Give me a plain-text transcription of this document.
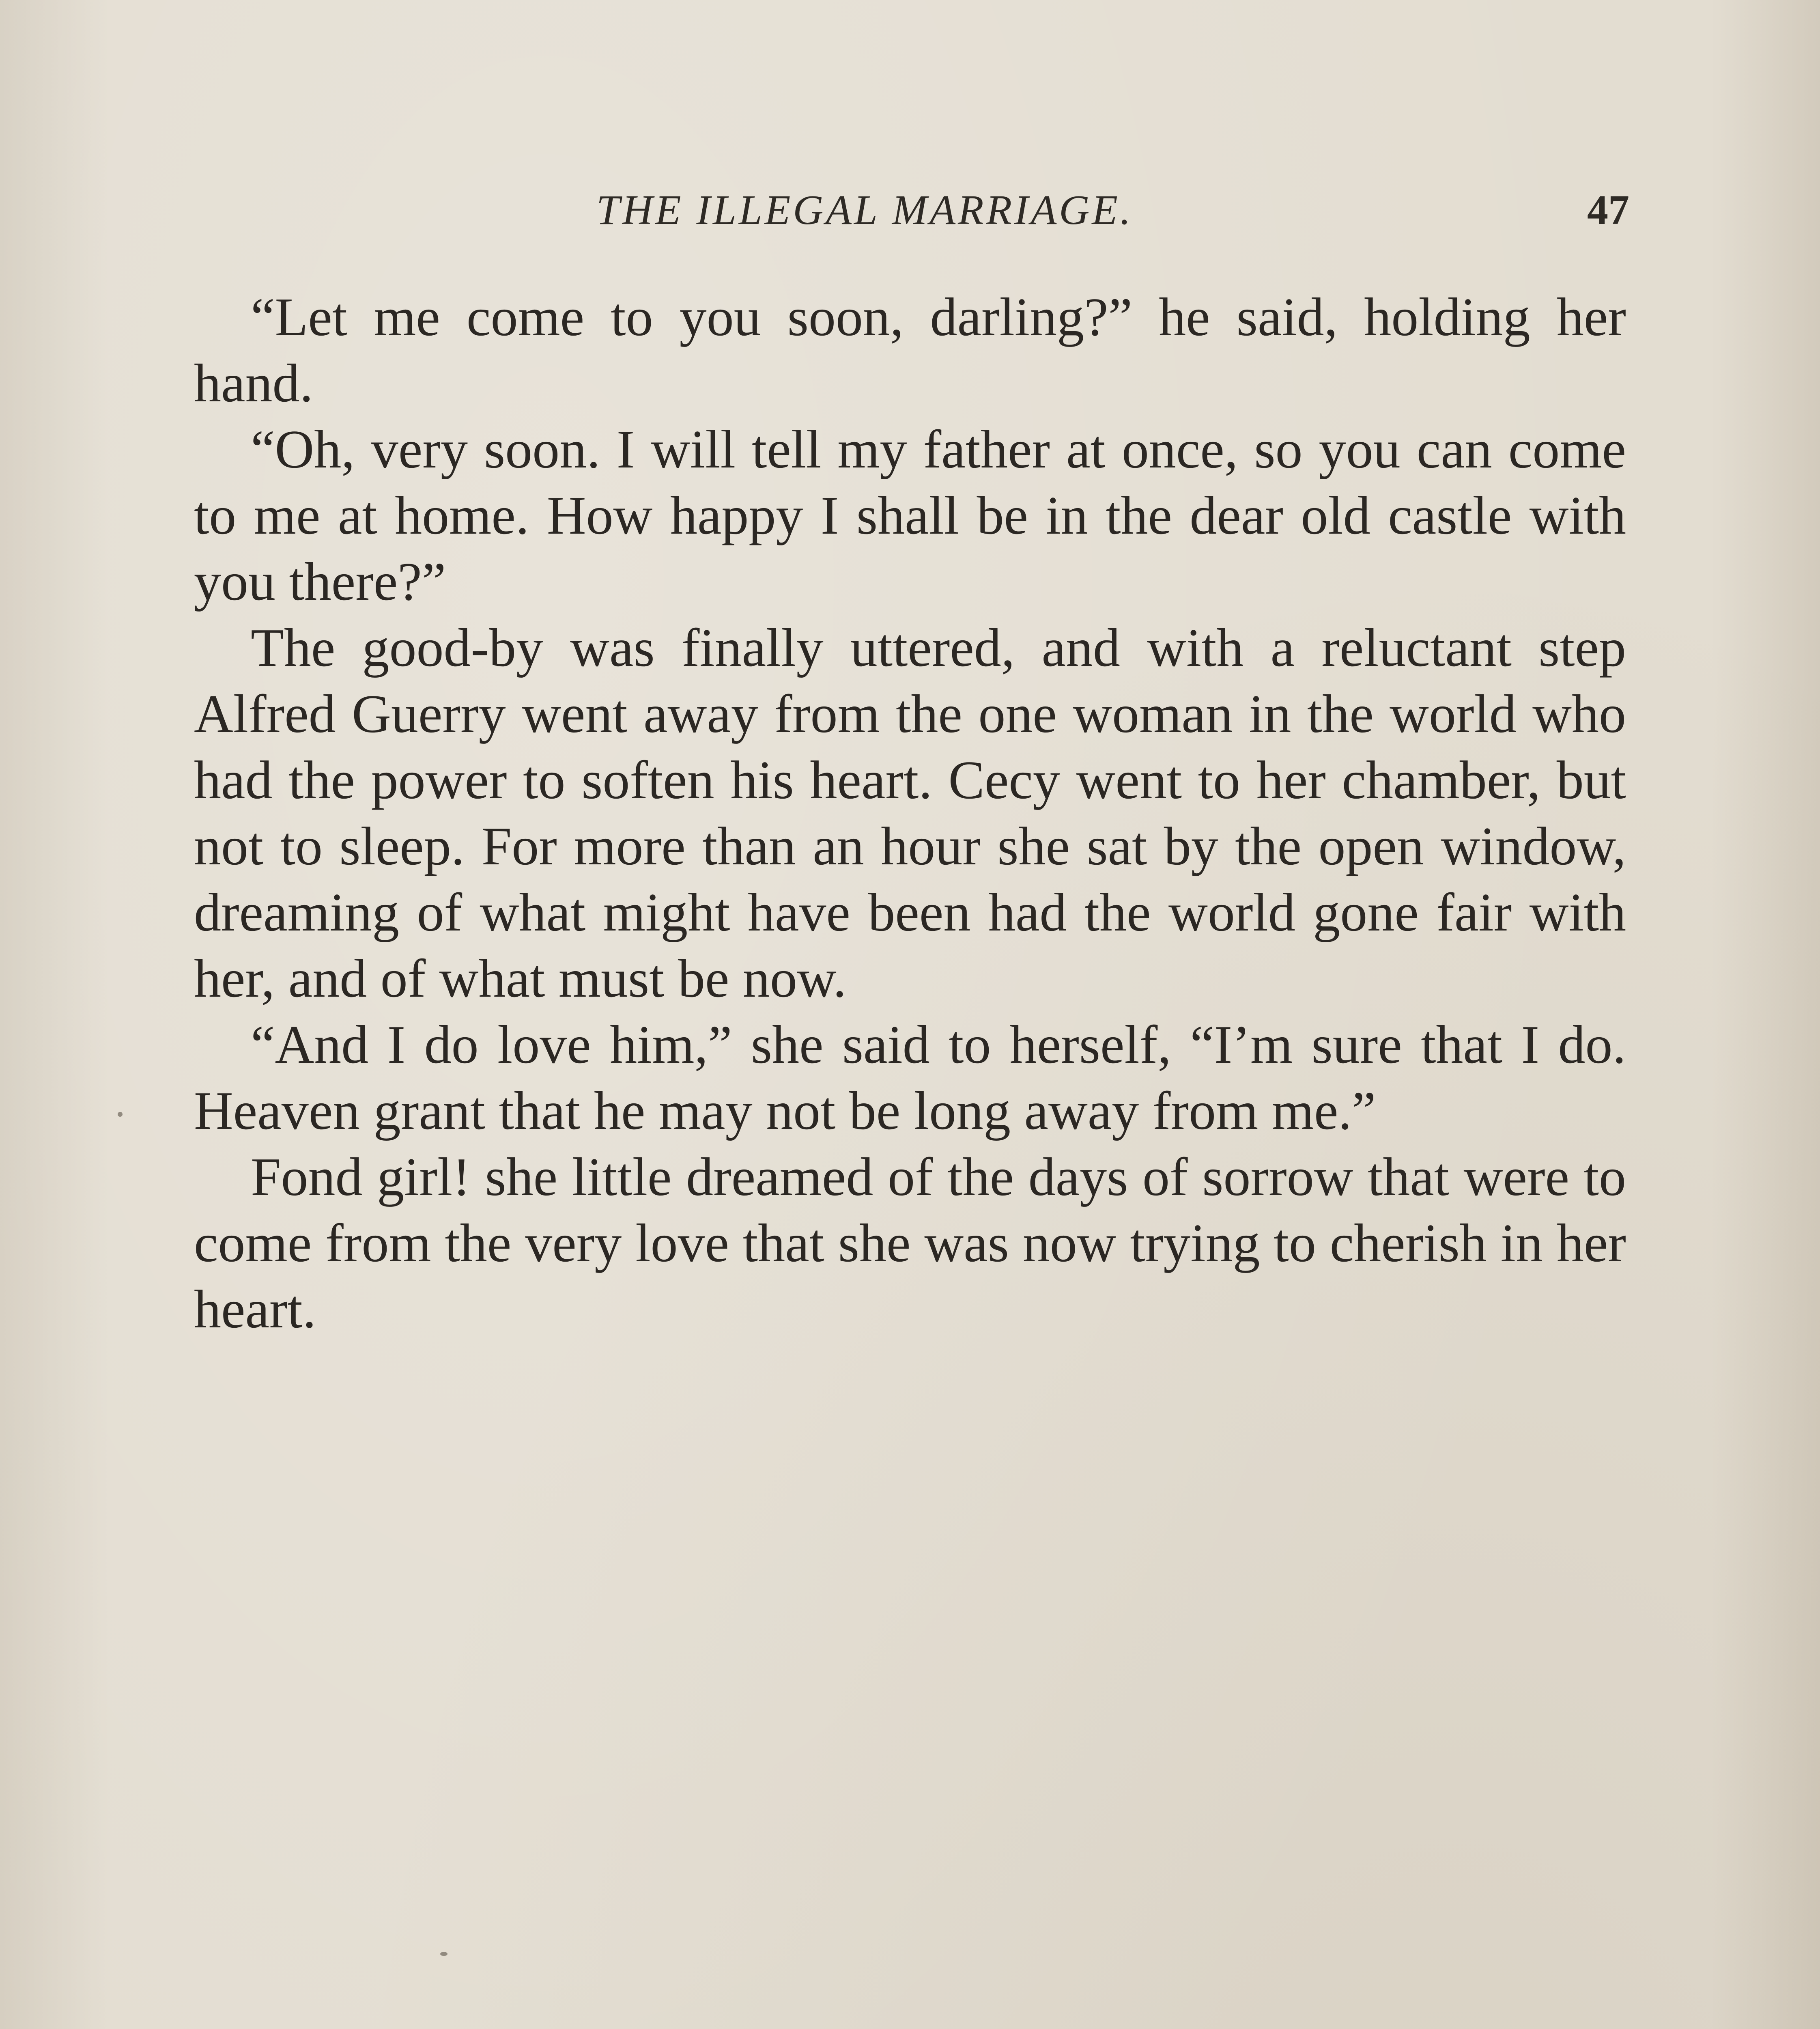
THE ILLEGAL MARRIAGE.	47

“Let me come to you soon, darling?” he said, holding her hand.

“Oh, very soon. I will tell my father at once, so you can come to me at home. How happy I shall be in the dear old castle with you there?”

The good-by was finally uttered, and with a reluctant step Alfred Guerry went away from the one woman in the world who had the power to soften his heart. Cecy went to her chamber, but not to sleep. For more than an hour she sat by the open window, dreaming of what might have been had the world gone fair with her, and of what must be now.

“And I do love him,” she said to herself, “I’m sure that I do. Heaven grant that he may not be long away from me.”

Fond girl! she little dreamed of the days of sorrow that were to come from the very love that she was now trying to cherish in her heart.
